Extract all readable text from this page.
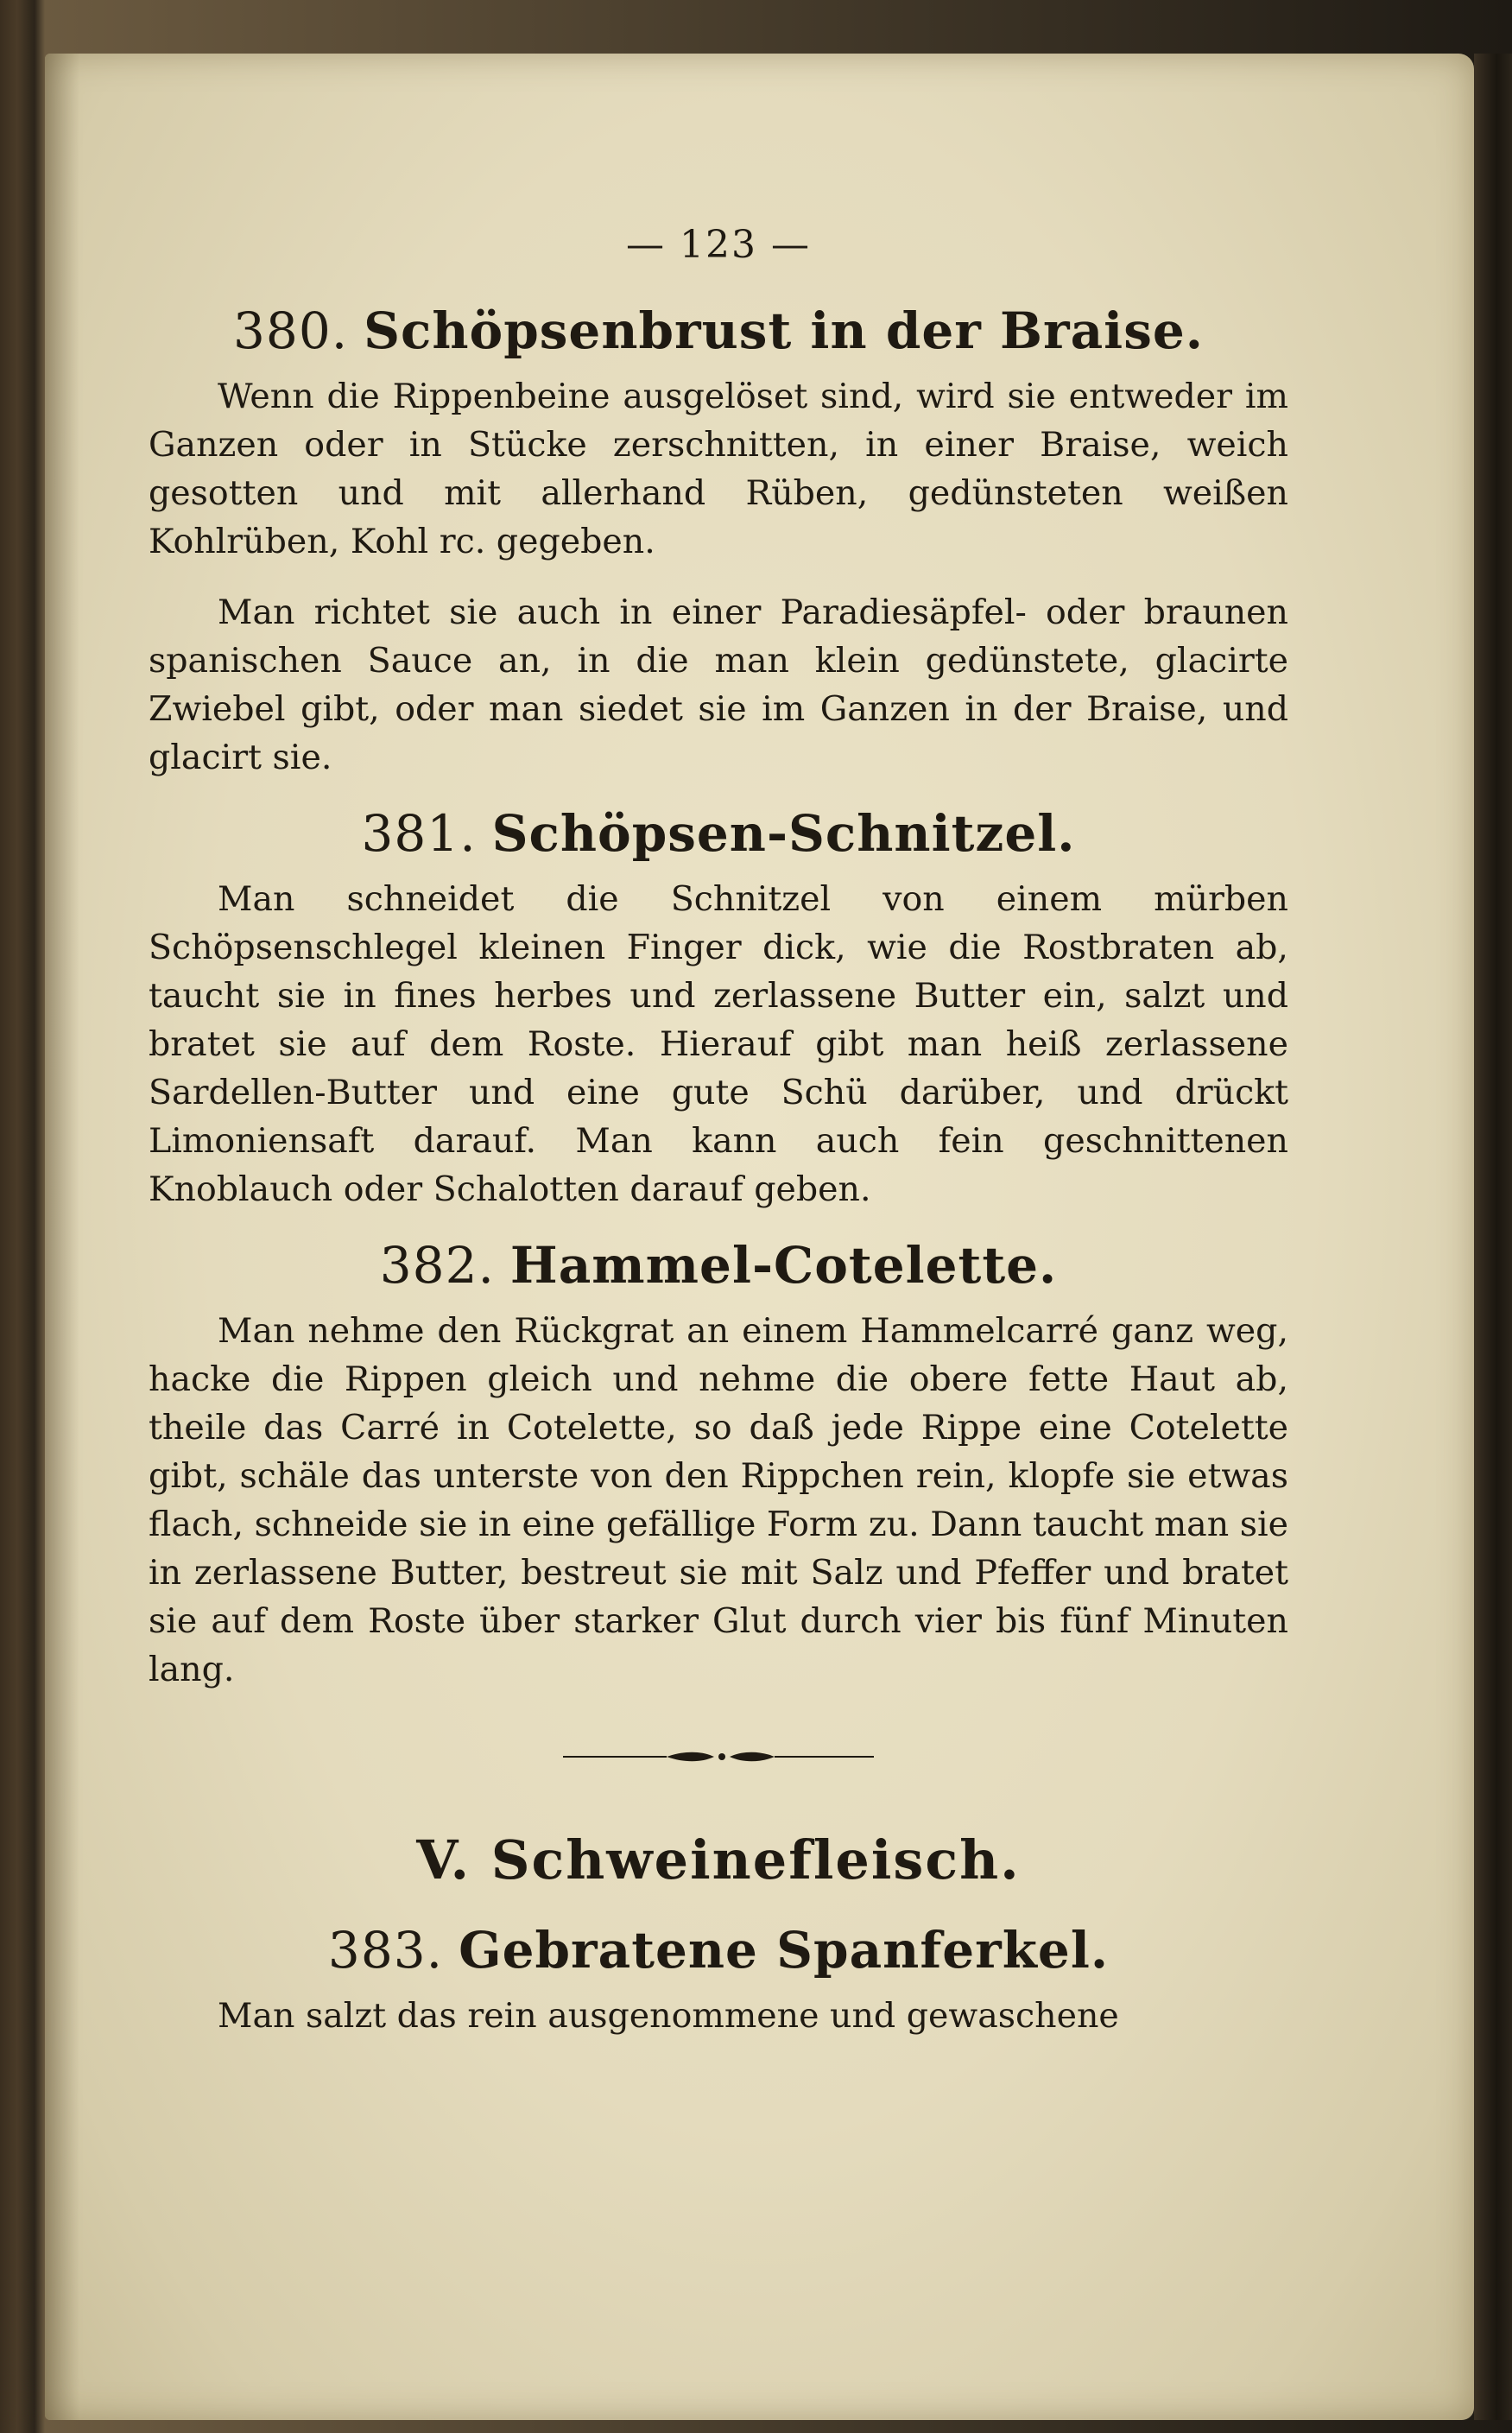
— 123 —
380. Schöpsenbrust in der Braise.

Wenn die Rippenbeine ausgelöset sind, wird sie entweder im Ganzen oder in Stücke zerschnitten, in einer Braise, weich gesotten und mit allerhand Rüben, gedünsteten weißen Kohlrüben, Kohl rc. gegeben.

Man richtet sie auch in einer Paradiesäpfel- oder braunen spanischen Sauce an, in die man klein gedünstete, glacirte Zwiebel gibt, oder man siedet sie im Ganzen in der Braise, und glacirt sie.

381. Schöpsen-Schnitzel.

Man schneidet die Schnitzel von einem mürben Schöpsenschlegel kleinen Finger dick, wie die Rostbraten ab, taucht sie in fines herbes und zerlassene Butter ein, salzt und bratet sie auf dem Roste. Hierauf gibt man heiß zerlassene Sardellen-Butter und eine gute Schü darüber, und drückt Limoniensaft darauf. Man kann auch fein geschnittenen Knoblauch oder Schalotten darauf geben.

382. Hammel-Cotelette.

Man nehme den Rückgrat an einem Hammelcarré ganz weg, hacke die Rippen gleich und nehme die obere fette Haut ab, theile das Carré in Cotelette, so daß jede Rippe eine Cotelette gibt, schäle das unterste von den Rippchen rein, klopfe sie etwas flach, schneide sie in eine gefällige Form zu. Dann taucht man sie in zerlassene Butter, bestreut sie mit Salz und Pfeffer und bratet sie auf dem Roste über starker Glut durch vier bis fünf Minuten lang.

V. Schweinefleisch.
383. Gebratene Spanferkel.

Man salzt das rein ausgenommene und gewaschene
